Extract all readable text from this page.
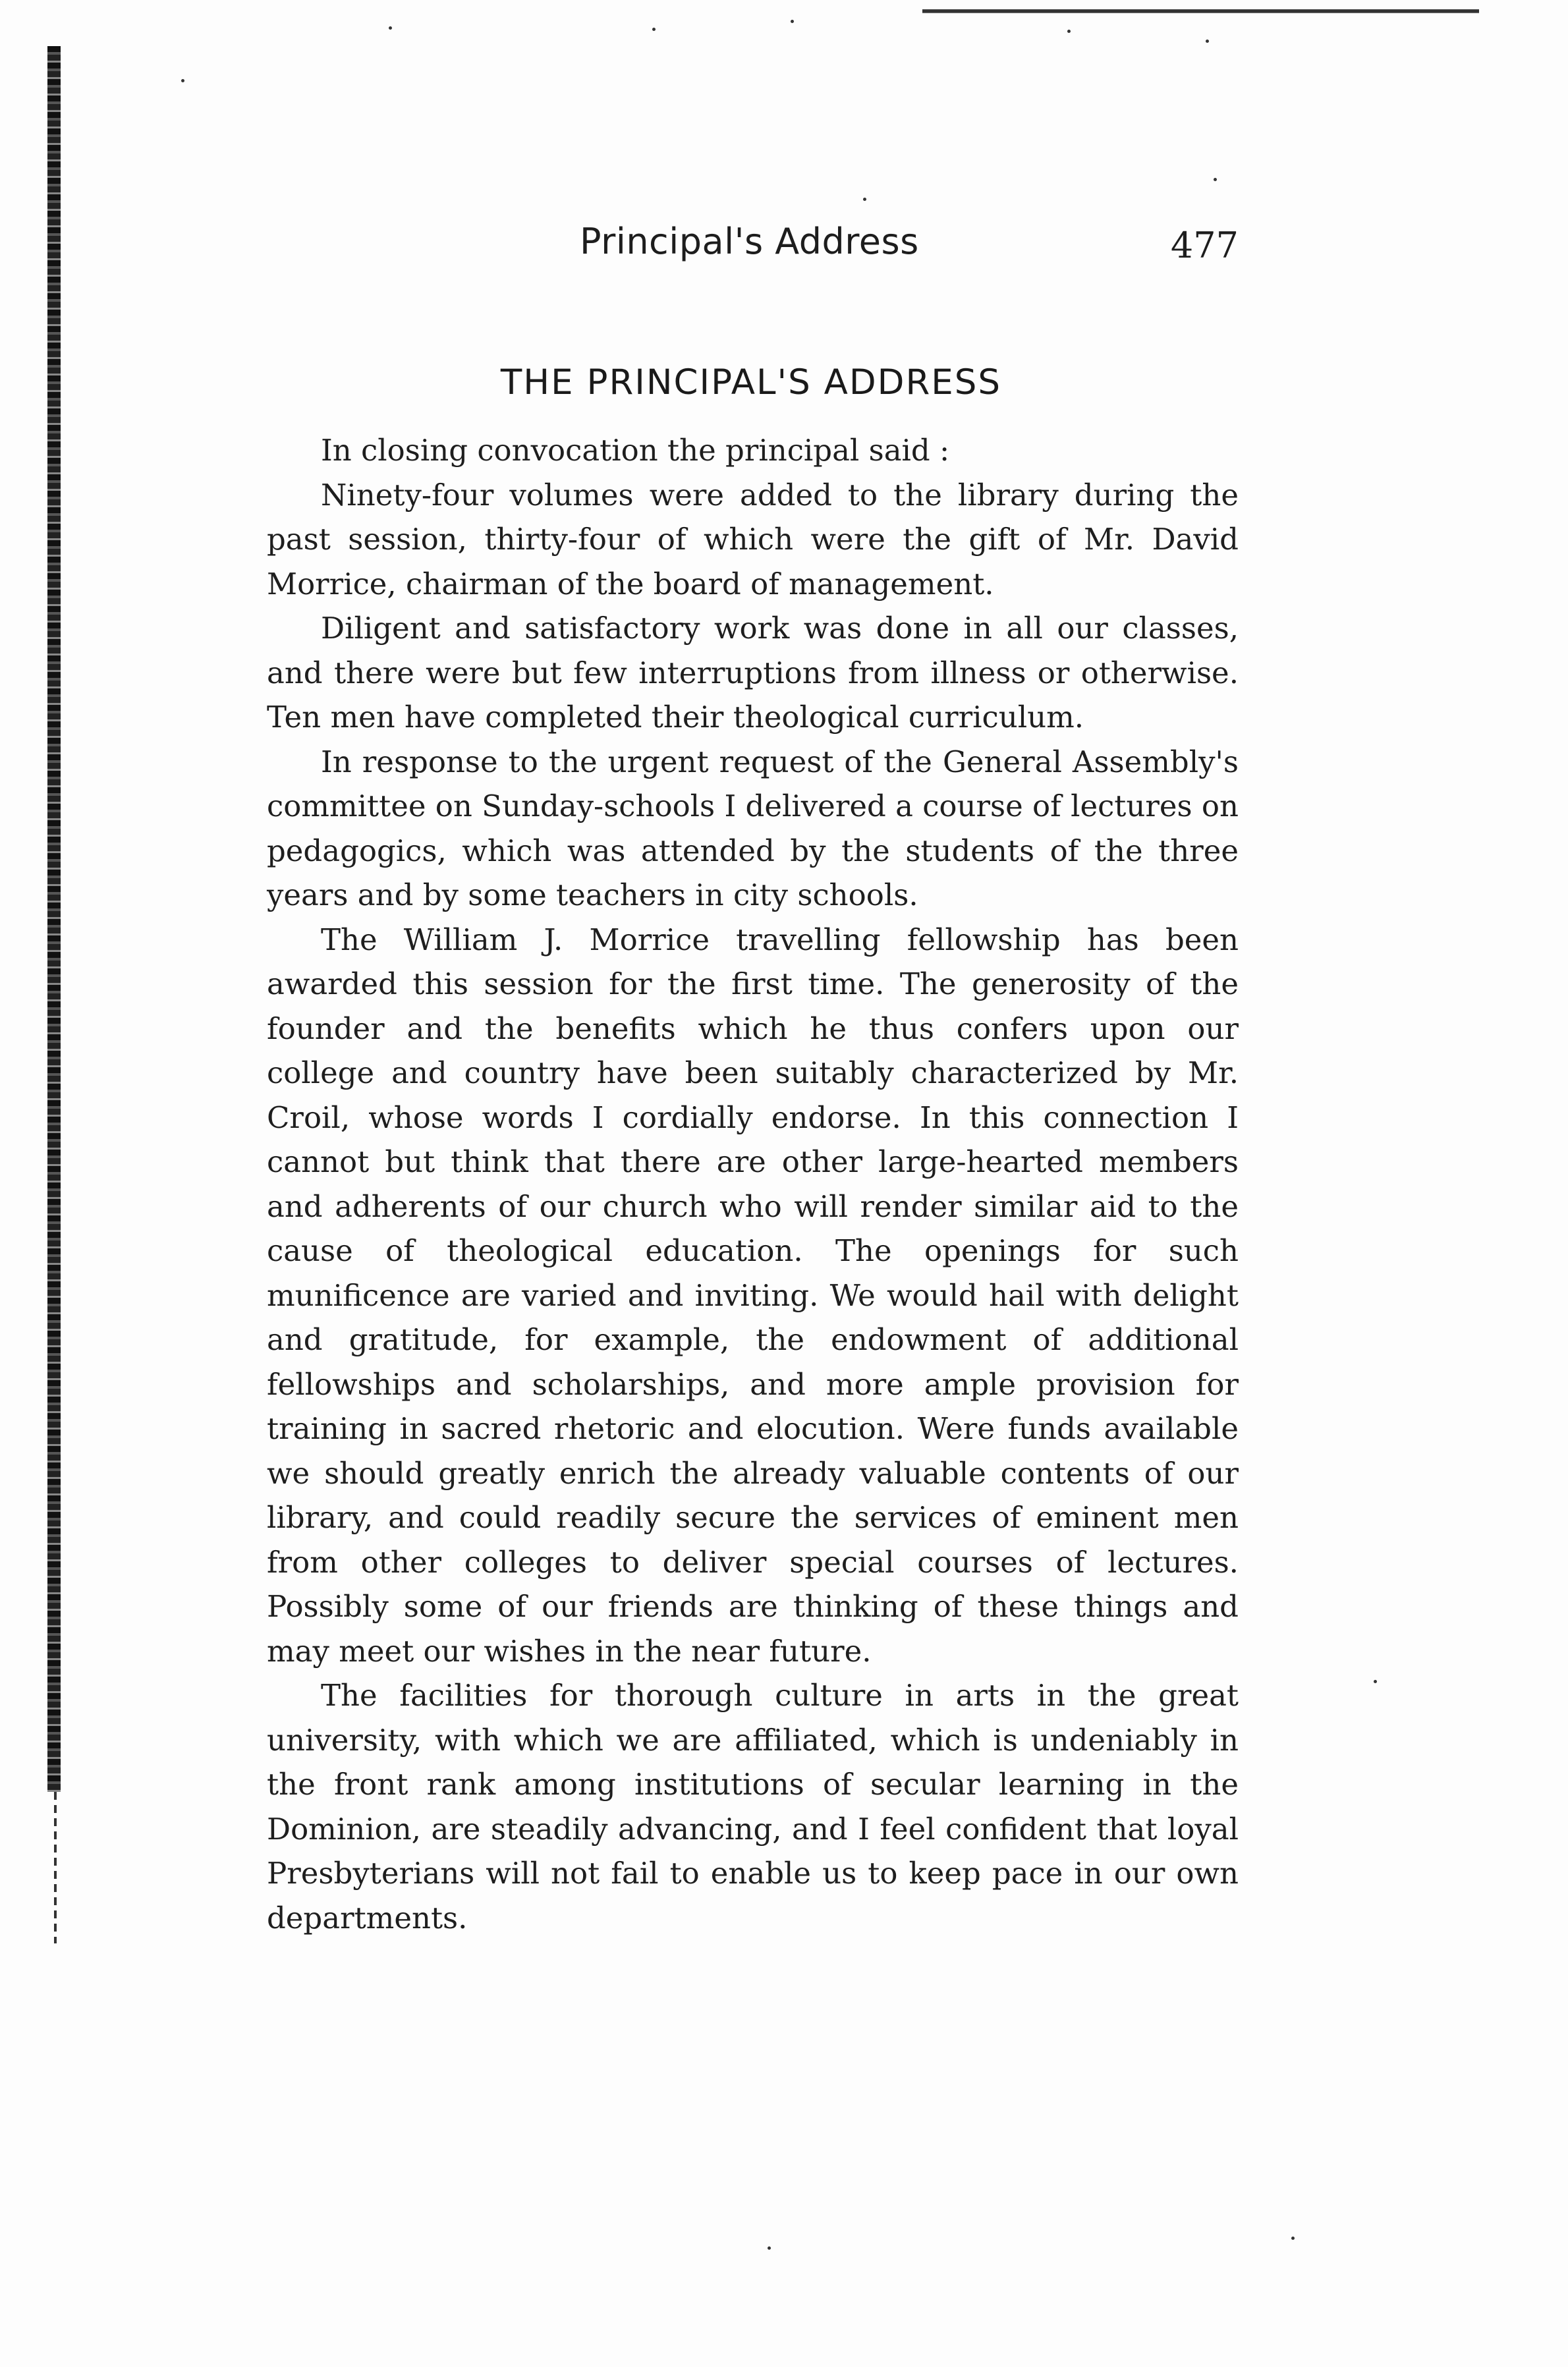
Principal's Address	477
THE PRINCIPAL'S ADDRESS

In closing convocation the principal said :

Ninety-four volumes were added to the library during the past session, thirty-four of which were the gift of Mr. David Morrice, chairman of the board of management.

Diligent and satisfactory work was done in all our classes, and there were but few interruptions from illness or otherwise. Ten men have completed their theological curriculum.

In response to the urgent request of the General Assembly's committee on Sunday-schools I delivered a course of lectures on pedagogics, which was attended by the students of the three years and by some teachers in city schools.

The William J. Morrice travelling fellowship has been awarded this session for the first time. The generosity of the founder and the benefits which he thus confers upon our college and country have been suitably characterized by Mr. Croil, whose words I cordially endorse. In this connection I cannot but think that there are other large-hearted members and adherents of our church who will render similar aid to the cause of theological education. The openings for such munificence are varied and inviting. We would hail with delight and gratitude, for example, the endowment of additional fellowships and scholarships, and more ample provision for training in sacred rhetoric and elocution. Were funds available we should greatly enrich the already valuable contents of our library, and could readily secure the services of eminent men from other colleges to deliver special courses of lectures. Possibly some of our friends are thinking of these things and may meet our wishes in the near future.

The facilities for thorough culture in arts in the great university, with which we are affiliated, which is undeniably in the front rank among institutions of secular learning in the Dominion, are steadily advancing, and I feel confident that loyal Presbyterians will not fail to enable us to keep pace in our own departments.
